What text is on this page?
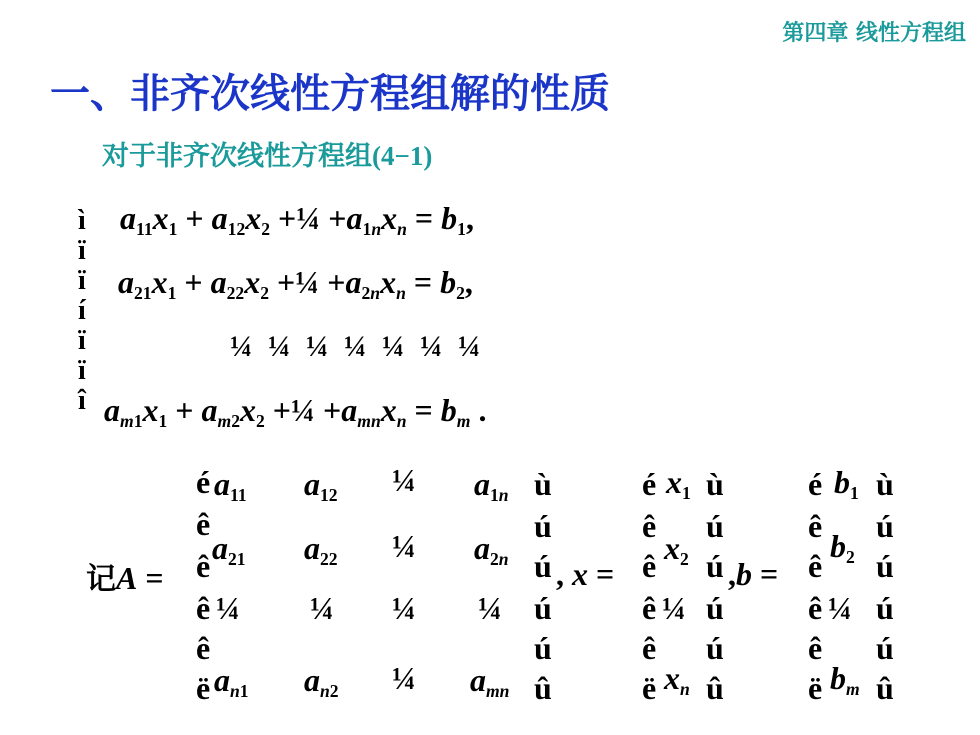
第四章 线性方程组
一、非齐次线性方程组解的性质
对于非齐次线性方程组(4−1)
ì
ï
ï
í
ï
ï
î
$a_{11}x_1 + a_{12}x_2$ +¼ $+a_{1n}x_n = b_1$,
$a_{21}x_1 + a_{22}x_2$ +¼ $+a_{2n}x_n = b_2$,
¼ ¼ ¼ ¼ ¼ ¼ ¼
$a_{m1}x_1 + a_{m2}x_2$ +¼ $+a_{mn}x_n = b_m$ .
记A =
é
ê
ê
ê
ê
ë
$a_{11}$ $a_{12}$ ¼ $a_{1n}$
$a_{21}$ $a_{22}$ ¼ $a_{2n}$
¼ ¼ ¼ ¼
$a_{n1}$ $a_{n2}$ ¼ $a_{mn}$
ù
ú
ú
ú
ú
û
, x =
é
ê
ê
ê
ê
ë
$x_1$
$x_2$
¼
$x_n$
ù
ú
ú
ú
ú
û
,b =
é
ê
ê
ê
ê
ë
$b_1$
$b_2$
¼
$b_m$
ù
ú
ú
ú
ú
û
